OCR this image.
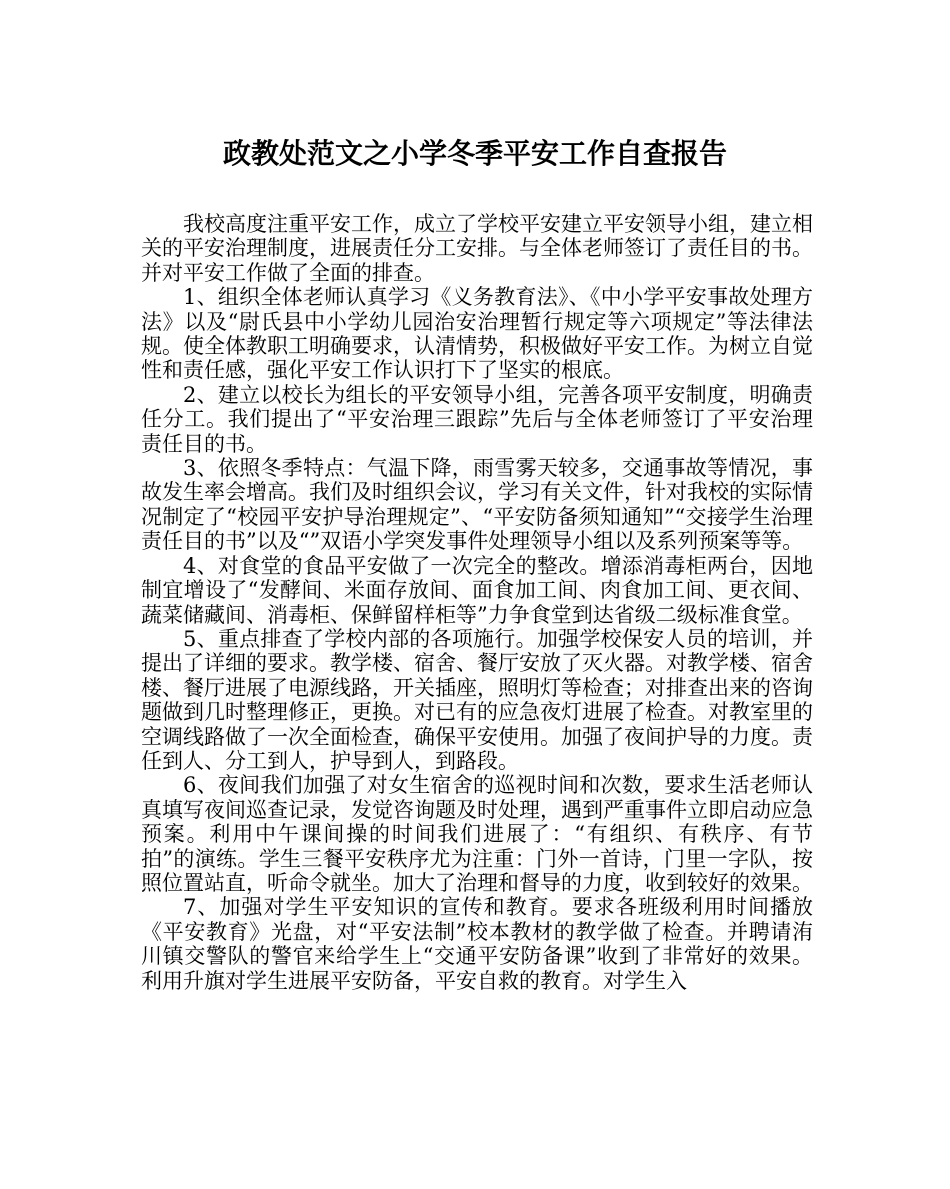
政教处范文之小学冬季平安工作自查报告

我校高度注重平安工作，成立了学校平安建立平安领导小组，建立相关的平安治理制度，进展责任分工安排。与全体老师签订了责任目的书。并对平安工作做了全面的排查。

1、组织全体老师认真学习《义务教育法》、《中小学平安事故处理方法》以及“尉氏县中小学幼儿园治安治理暂行规定等六项规定”等法律法规。使全体教职工明确要求，认清情势，积极做好平安工作。为树立自觉性和责任感，强化平安工作认识打下了坚实的根底。

2、建立以校长为组长的平安领导小组，完善各项平安制度，明确责任分工。我们提出了“平安治理三跟踪”先后与全体老师签订了平安治理责任目的书。

3、依照冬季特点：气温下降，雨雪雾天较多，交通事故等情况，事故发生率会增高。我们及时组织会议，学习有关文件，针对我校的实际情况制定了“校园平安护导治理规定”、“平安防备须知通知”“交接学生治理责任目的书”以及“”双语小学突发事件处理领导小组以及系列预案等等。

4、对食堂的食品平安做了一次完全的整改。增添消毒柜两台，因地制宜增设了“发酵间、米面存放间、面食加工间、肉食加工间、更衣间、蔬菜储藏间、消毒柜、保鲜留样柜等”力争食堂到达省级二级标准食堂。

5、重点排查了学校内部的各项施行。加强学校保安人员的培训，并提出了详细的要求。教学楼、宿舍、餐厅安放了灭火器。对教学楼、宿舍楼、餐厅进展了电源线路，开关插座，照明灯等检查；对排查出来的咨询题做到几时整理修正，更换。对已有的应急夜灯进展了检查。对教室里的空调线路做了一次全面检查，确保平安使用。加强了夜间护导的力度。责任到人、分工到人，护导到人，到路段。

6、夜间我们加强了对女生宿舍的巡视时间和次数，要求生活老师认真填写夜间巡查记录，发觉咨询题及时处理，遇到严重事件立即启动应急预案。利用中午课间操的时间我们进展了：“有组织、有秩序、有节拍”的演练。学生三餐平安秩序尤为注重：门外一首诗，门里一字队，按照位置站直，听命令就坐。加大了治理和督导的力度，收到较好的效果。

7、加强对学生平安知识的宣传和教育。要求各班级利用时间播放《平安教育》光盘，对“平安法制”校本教材的教学做了检查。并聘请洧川镇交警队的警官来给学生上“交通平安防备课”收到了非常好的效果。利用升旗对学生进展平安防备，平安自救的教育。对学生入
